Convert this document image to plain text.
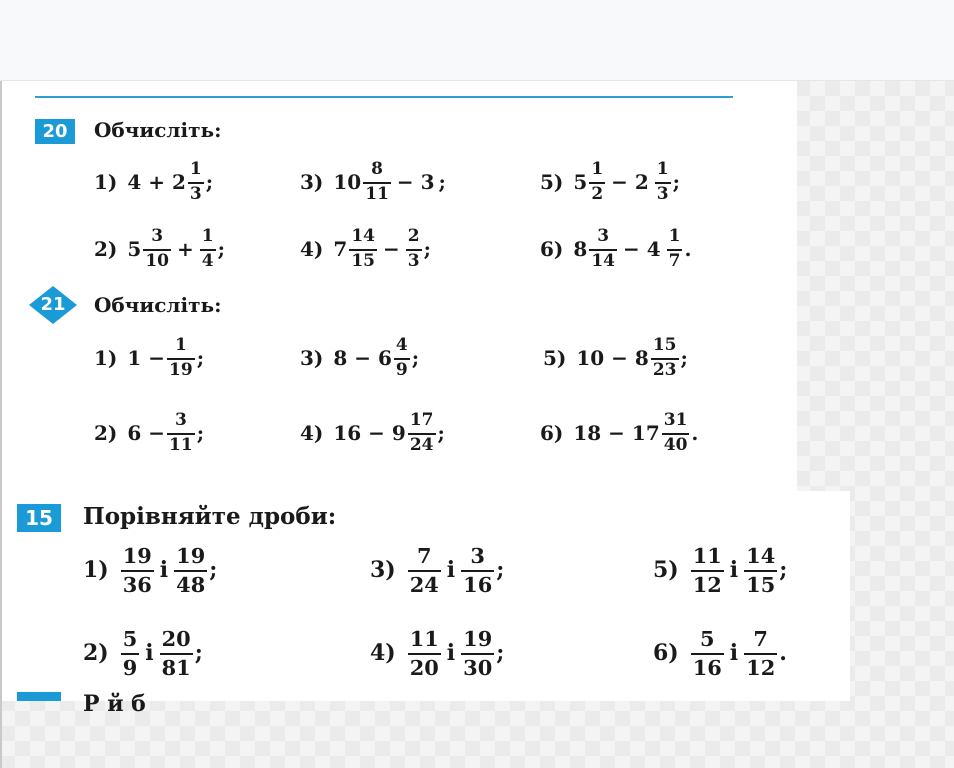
20	Обчисліть:
1) $4 + 2 \frac{1}{3}$ ;	3) $10 \frac{8}{11} - 3$ ;	5) $5 \frac{1}{2} - 2 \frac{1}{3}$ ;
2) $5 \frac{3}{10} + \frac{1}{4}$ ;	4) $7 \frac{14}{15} - \frac{2}{3}$ ;	6) $8 \frac{3}{14} - 4 \frac{1}{7}$ .
21	Обчисліть:
1) $1 - \frac{1}{19}$ ;	3) $8 - 6 \frac{4}{9}$ ;	5) $10 - 8 \frac{15}{23}$ ;
2) $6 - \frac{3}{11}$ ;	4) $16 - 9 \frac{17}{24}$ ;	6) $18 - 17 \frac{31}{40}$ .
15	Порівняйте дроби:
$1) \frac{19}{36}$ і $\frac{19}{48}$ ;	$3) \frac{7}{24}$ і $\frac{3}{16}$ ;	$5) \frac{11}{12}$ і $\frac{14}{15}$ ;
$2) \frac{5}{9}$ і $\frac{20}{81}$ ;	$4) \frac{11}{20}$ і $\frac{19}{30}$ ;	$6) \frac{5}{16}$ і $\frac{7}{12}$ .
